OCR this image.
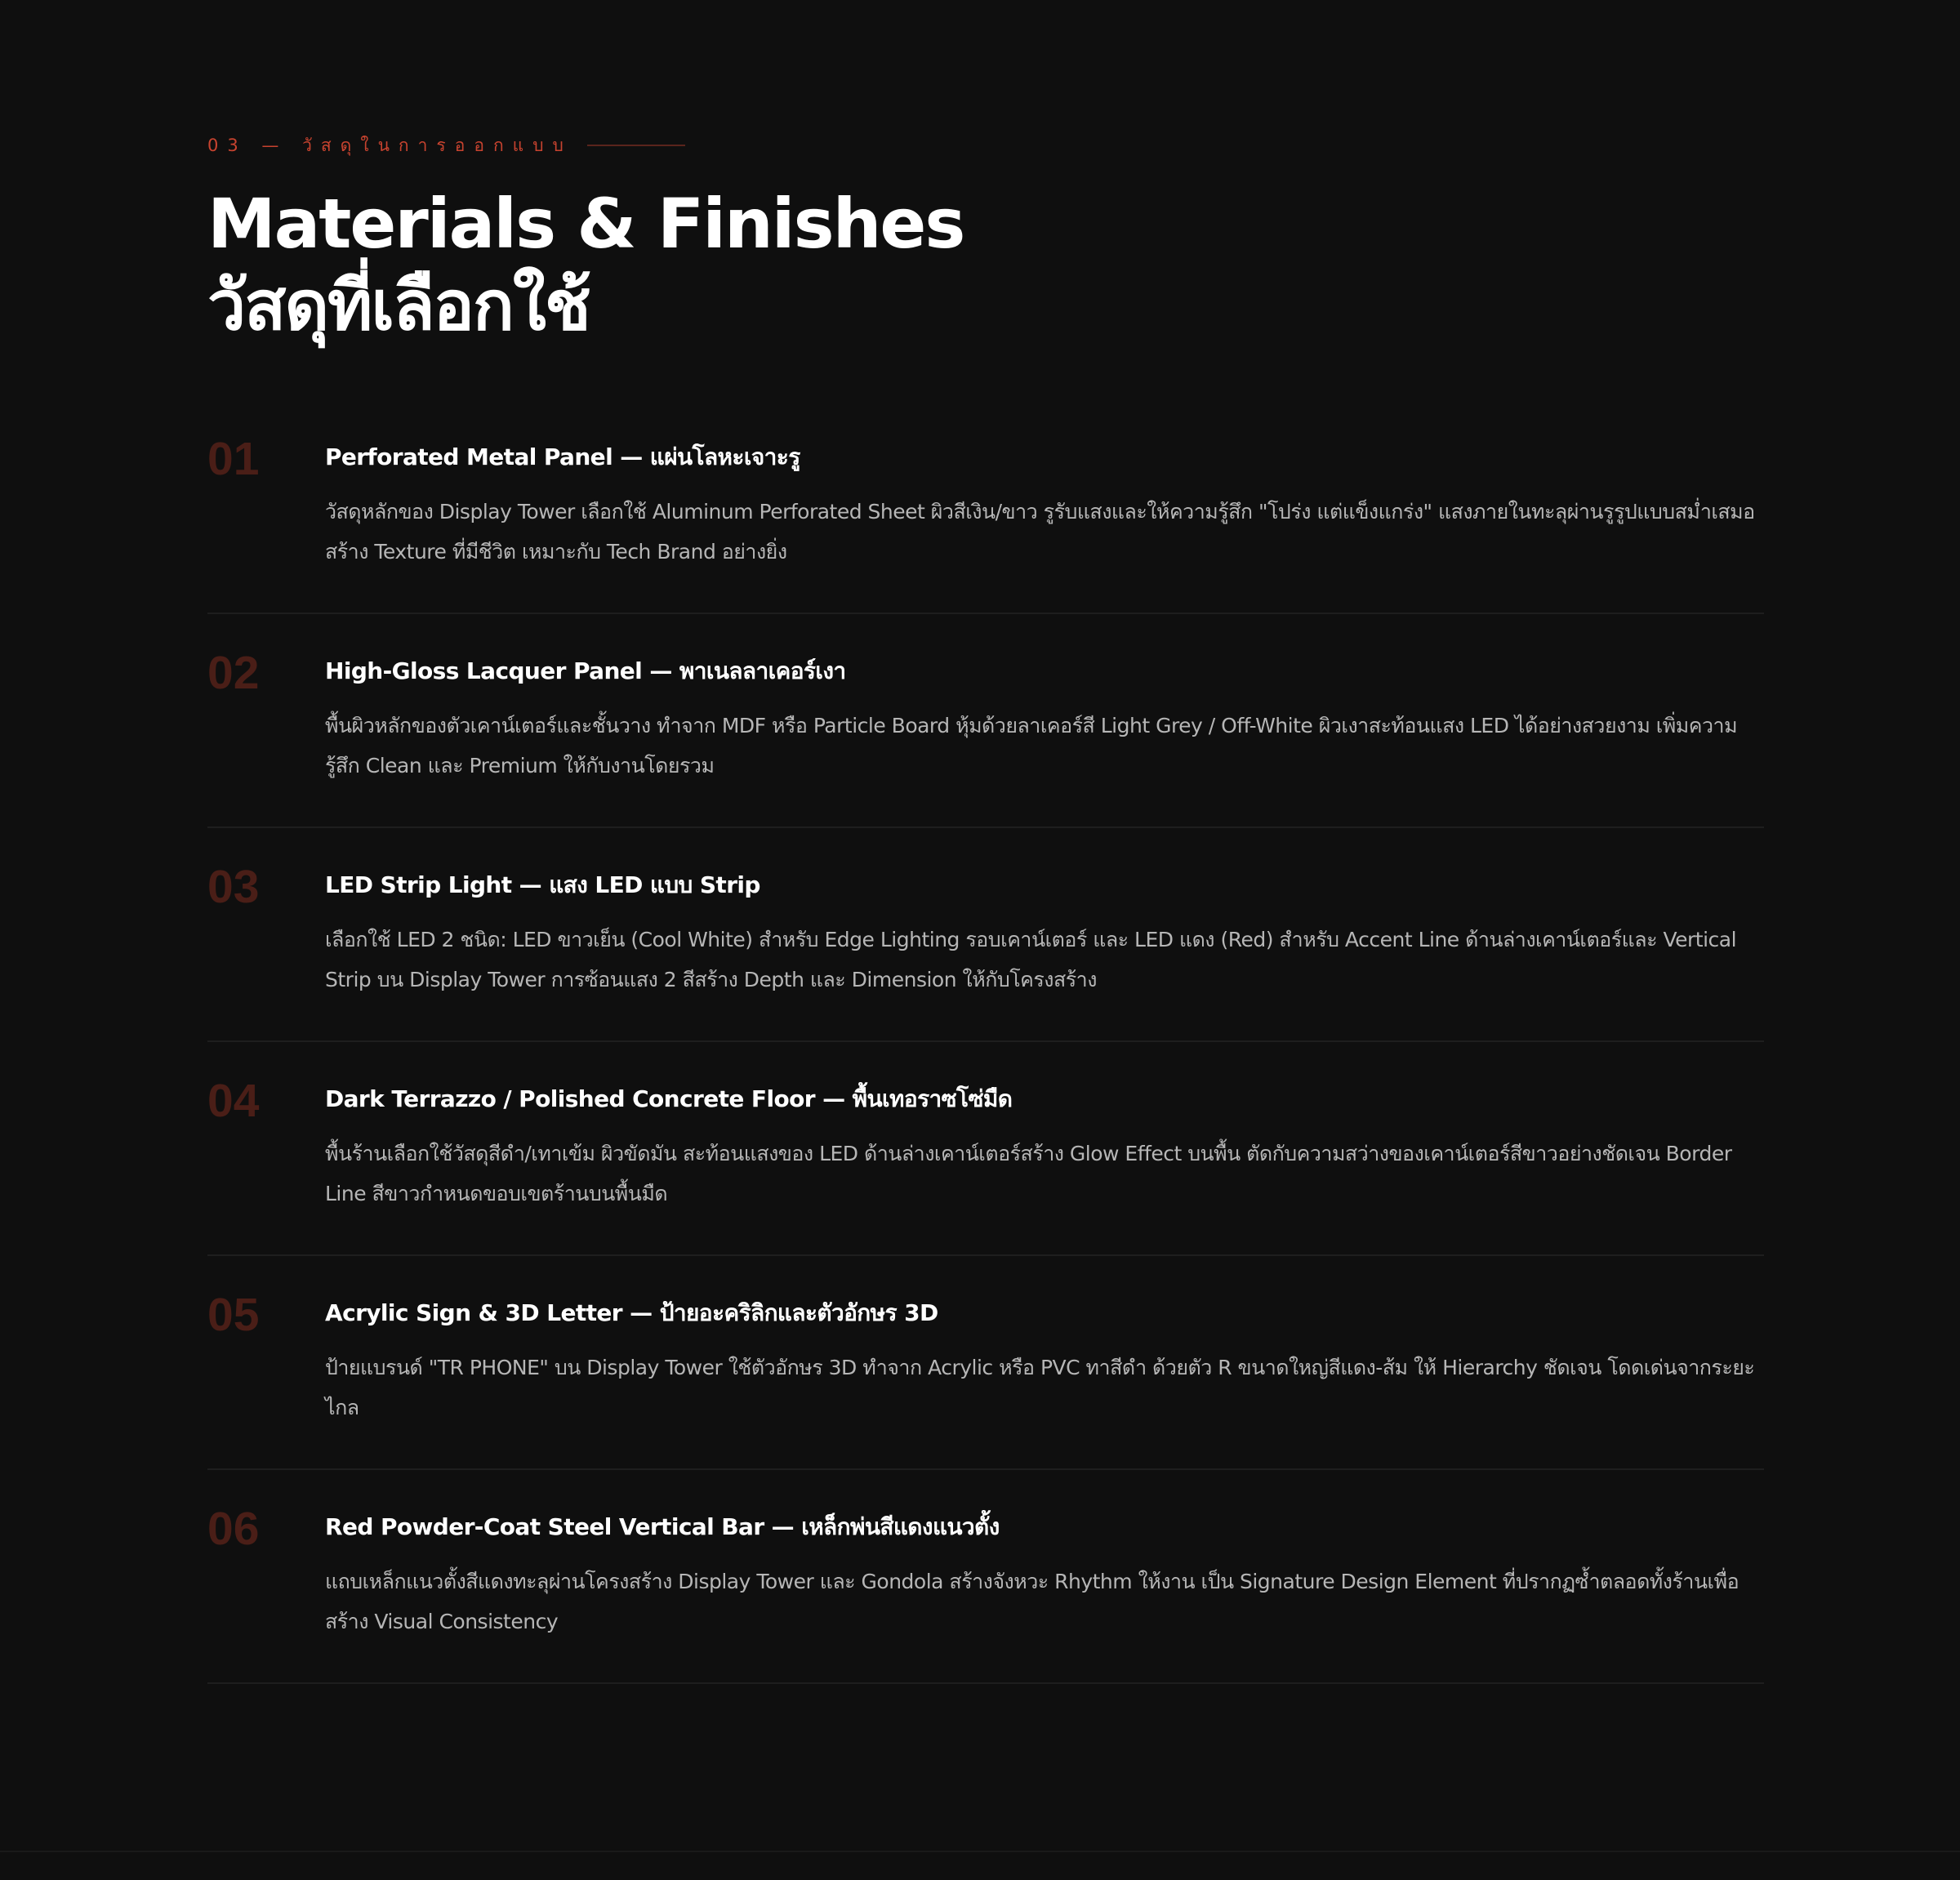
03 — วัสดุในการออกแบบ
Materials & Finishes
วัสดุที่เลือกใช้
01	Perforated Metal Panel — แผ่นโลหะเจาะรู
วัสดุหลักของ Display Tower เลือกใช้ Aluminum Perforated Sheet ผิวสีเงิน/ขาว รูรับแสงและให้ความรู้สึก "โปร่ง แต่แข็งแกร่ง" แสงภายในทะลุผ่านรูรูปแบบสม่ำเสมอสร้าง Texture ที่มีชีวิต เหมาะกับ Tech Brand อย่างยิ่ง
02	High-Gloss Lacquer Panel — พาเนลลาเคอร์เงา
พื้นผิวหลักของตัวเคาน์เตอร์และชั้นวาง ทำจาก MDF หรือ Particle Board หุ้มด้วยลาเคอร์สี Light Grey / Off-White ผิวเงาสะท้อนแสง LED ได้อย่างสวยงาม เพิ่มความรู้สึก Clean และ Premium ให้กับงานโดยรวม
03	LED Strip Light — แสง LED แบบ Strip
เลือกใช้ LED 2 ชนิด: LED ขาวเย็น (Cool White) สำหรับ Edge Lighting รอบเคาน์เตอร์ และ LED แดง (Red) สำหรับ Accent Line ด้านล่างเคาน์เตอร์และ Vertical Strip บน Display Tower การซ้อนแสง 2 สีสร้าง Depth และ Dimension ให้กับโครงสร้าง
04	Dark Terrazzo / Polished Concrete Floor — พื้นเทอราซโซ่มืด
พื้นร้านเลือกใช้วัสดุสีดำ/เทาเข้ม ผิวขัดมัน สะท้อนแสงของ LED ด้านล่างเคาน์เตอร์สร้าง Glow Effect บนพื้น ตัดกับความสว่างของเคาน์เตอร์สีขาวอย่างชัดเจน Border Line สีขาวกำหนดขอบเขตร้านบนพื้นมืด
05	Acrylic Sign & 3D Letter — ป้ายอะคริลิกและตัวอักษร 3D
ป้ายแบรนด์ "TR PHONE" บน Display Tower ใช้ตัวอักษร 3D ทำจาก Acrylic หรือ PVC ทาสีดำ ด้วยตัว R ขนาดใหญ่สีแดง-ส้ม ให้ Hierarchy ชัดเจน โดดเด่นจากระยะไกล
06	Red Powder-Coat Steel Vertical Bar — เหล็กพ่นสีแดงแนวตั้ง
แถบเหล็กแนวตั้งสีแดงทะลุผ่านโครงสร้าง Display Tower และ Gondola สร้างจังหวะ Rhythm ให้งาน เป็น Signature Design Element ที่ปรากฏซ้ำตลอดทั้งร้านเพื่อสร้าง Visual Consistency
